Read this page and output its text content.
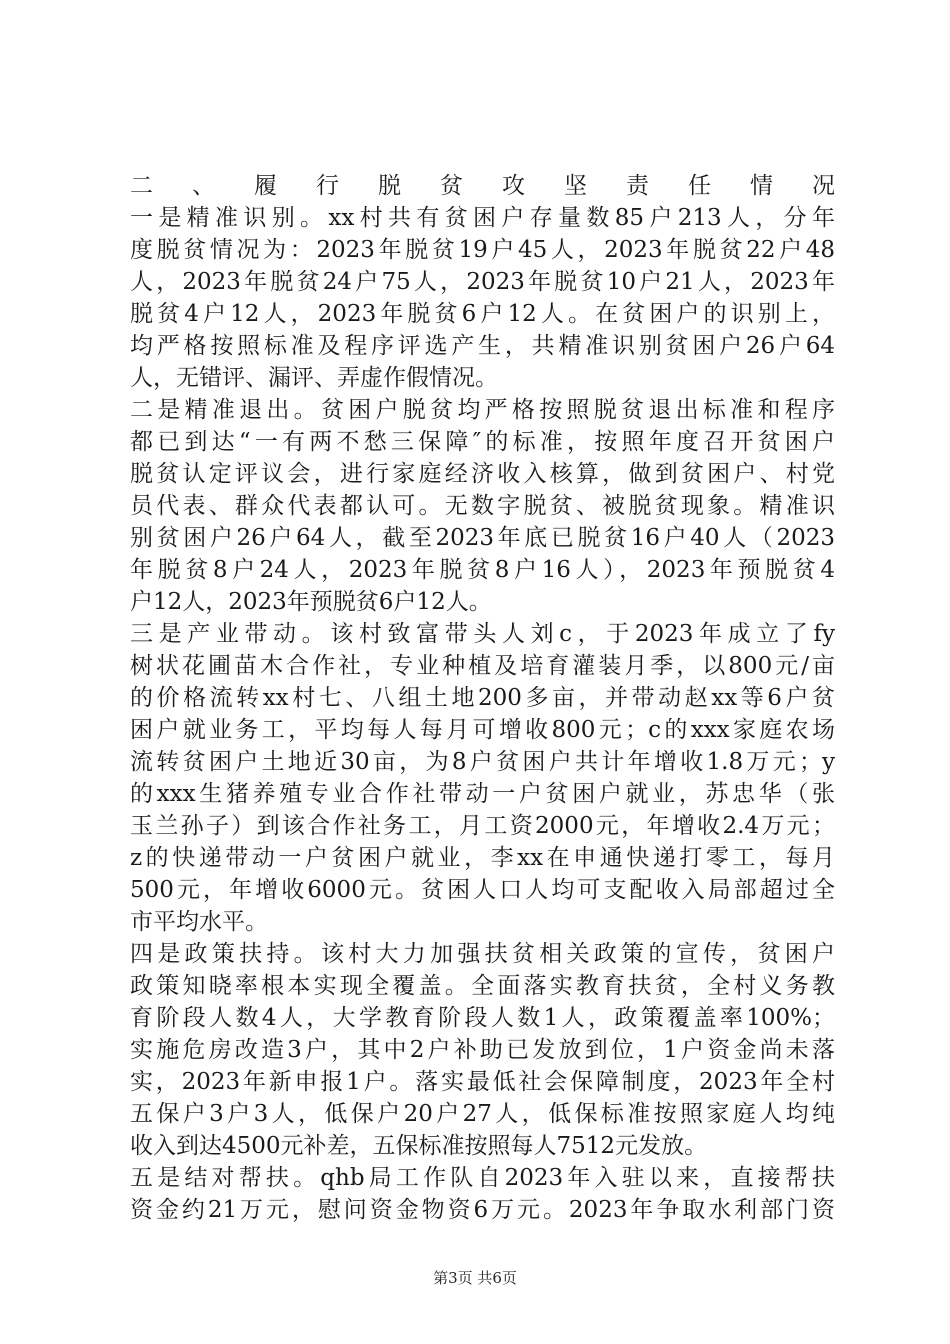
二、履行脱贫攻坚责任情况
一是精准识别。xx村共有贫困户存量数85户213人，分年
度脱贫情况为：2023年脱贫19户45人，2023年脱贫22户48
人，2023年脱贫24户75人，2023年脱贫10户21人，2023年
脱贫4户12人，2023年脱贫6户12人。在贫困户的识别上，
均严格按照标准及程序评选产生，共精准识别贫困户26户64
人，无错评、漏评、弄虚作假情况。
二是精准退出。贫困户脱贫均严格按照脱贫退出标准和程序
都已到达“一有两不愁三保障″的标准，按照年度召开贫困户
脱贫认定评议会，进行家庭经济收入核算，做到贫困户、村党
员代表、群众代表都认可。无数字脱贫、被脱贫现象。精准识
别贫困户26户64人，截至2023年底已脱贫16户40人（2023
年脱贫8户24人，2023年脱贫8户16人），2023年预脱贫4
户12人，2023年预脱贫6户12人。
三是产业带动。该村致富带头人刘c，于2023年成立了fy
树状花圃苗木合作社，专业种植及培育灌装月季，以800元/亩
的价格流转xx村七、八组土地200多亩，并带动赵xx等6户贫
困户就业务工，平均每人每月可增收800元；c的xxx家庭农场
流转贫困户土地近30亩，为8户贫困户共计年增收1.8万元；y
的xxx生猪养殖专业合作社带动一户贫困户就业，苏忠华（张
玉兰孙子）到该合作社务工，月工资2000元，年增收2.4万元；
z的快递带动一户贫困户就业，李xx在申通快递打零工，每月
500元，年增收6000元。贫困人口人均可支配收入局部超过全
市平均水平。
四是政策扶持。该村大力加强扶贫相关政策的宣传，贫困户
政策知晓率根本实现全覆盖。全面落实教育扶贫，全村义务教
育阶段人数4人，大学教育阶段人数1人，政策覆盖率100%；
实施危房改造3户，其中2户补助已发放到位，1户资金尚未落
实，2023年新申报1户。落实最低社会保障制度，2023年全村
五保户3户3人，低保户20户27人，低保标准按照家庭人均纯
收入到达4500元补差，五保标准按照每人7512元发放。
五是结对帮扶。qhb局工作队自2023年入驻以来，直接帮扶
资金约21万元，慰问资金物资6万元。2023年争取水利部门资
第3页 共6页
